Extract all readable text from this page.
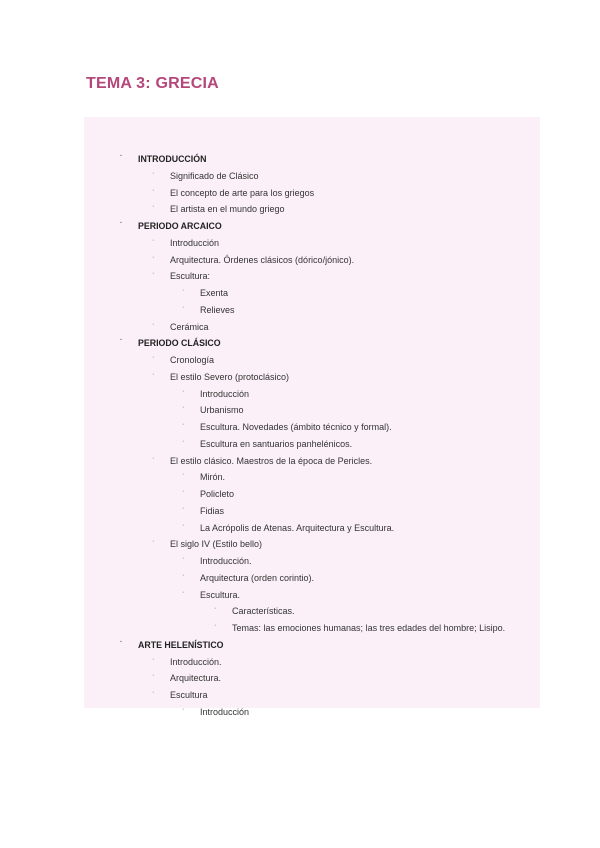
TEMA 3: GRECIA
· INTRODUCCIÓN
· Significado de Clásico
· El concepto de arte para los griegos
· El artista en el mundo griego
· PERIODO ARCAICO
· Introducción
· Arquitectura. Órdenes clásicos (dórico/jónico).
· Escultura:
· Exenta
· Relieves
· Cerámica
· PERIODO CLÁSICO
· Cronología
· El estilo Severo (protoclásico)
· Introducción
· Urbanismo
· Escultura. Novedades (ámbito técnico y formal).
· Escultura en santuarios panhelénicos.
· El estilo clásico. Maestros de la época de Pericles.
· Mirón.
· Policleto
· Fidias
· La Acrópolis de Atenas. Arquitectura y Escultura.
· El siglo IV (Estilo bello)
· Introducción.
· Arquitectura (orden corintio).
· Escultura.
· Características.
· Temas: las emociones humanas; las tres edades del hombre; Lisipo.
· ARTE HELENÍSTICO
· Introducción.
· Arquitectura.
· Escultura
· Introducción
